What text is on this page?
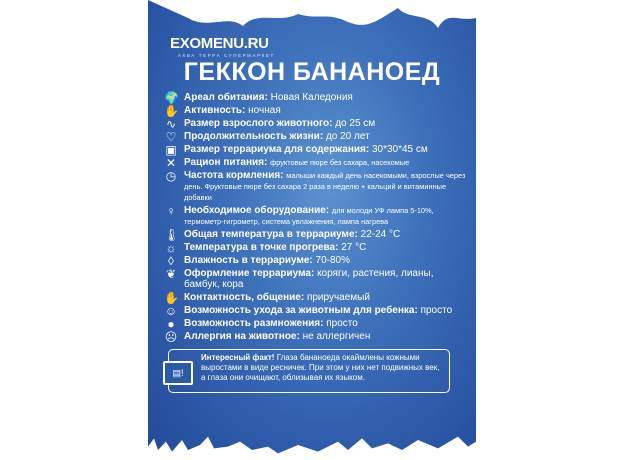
EXOMENU.RU
АКВА ТЕРРА СУПЕРМАРКЕТ
ГЕККОН БАНАНОЕД
🌍 Ареал обитания: Новая Каледония
✋ Активность: ночная
∿ Размер взрослого животного: до 25 см
♡ Продолжительность жизни: до 20 лет
▣ Размер террариума для содержания: 30*30*45 см
✕ Рацион питания: фруктовые пюре без сахара, насекомые
◷ Частота кормления: малыши каждый день насекомыми, взрослые через день. Фруктовые пюре без сахара 2 раза в неделю + кальций и витаминные добавки
♀ Необходимое оборудование: для молоди УФ лампа 5-10%, термометр-гигрометр, система увлажнения, лампа нагрева
🌡 Общая температура в террариуме: 22-24 °С
☼ Температура в точке прогрева: 27 °С
◊	Влажность в террариуме: 70-80%
❦ Оформление террариума: коряги, растения, лианы, бамбук, кора
✋ Контактность, общение: приручаемый
☺ Возможность ухода за животным для ребенка: просто
● Возможность размножения: просто
☹ Аллергия на животное: не аллергичен
▤!
Интересный факт! Глаза бананоеда окаймлены кожными выростами в виде ресничек. При этом у них нет подвижных век, а глаза они очищают, облизывая их языком.
